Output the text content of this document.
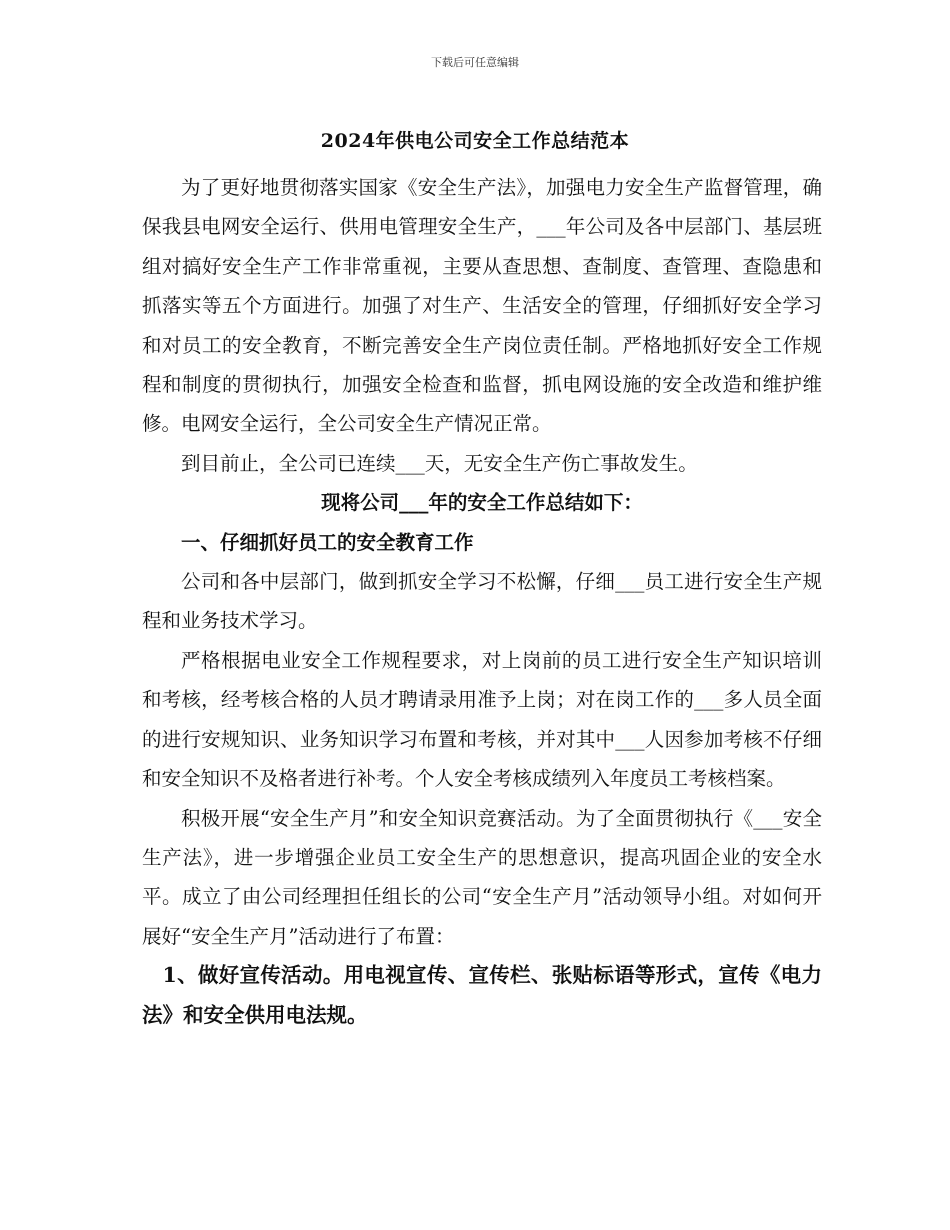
下载后可任意编辑
2024年供电公司安全工作总结范本

为了更好地贯彻落实国家《安全生产法》，加强电力安全生产监督管理，确保我县电网安全运行、供用电管理安全生产，___年公司及各中层部门、基层班组对搞好安全生产工作非常重视，主要从查思想、查制度、查管理、查隐患和抓落实等五个方面进行。加强了对生产、生活安全的管理，仔细抓好安全学习和对员工的安全教育，不断完善安全生产岗位责任制。严格地抓好安全工作规程和制度的贯彻执行，加强安全检查和监督，抓电网设施的安全改造和维护维修。电网安全运行，全公司安全生产情况正常。

到目前止，全公司已连续___天，无安全生产伤亡事故发生。

现将公司___年的安全工作总结如下：

一、仔细抓好员工的安全教育工作

公司和各中层部门，做到抓安全学习不松懈，仔细___员工进行安全生产规程和业务技术学习。

严格根据电业安全工作规程要求，对上岗前的员工进行安全生产知识培训和考核，经考核合格的人员才聘请录用准予上岗；对在岗工作的___多人员全面的进行安规知识、业务知识学习布置和考核，并对其中___人因参加考核不仔细和安全知识不及格者进行补考。个人安全考核成绩列入年度员工考核档案。

积极开展“安全生产月”和安全知识竞赛活动。为了全面贯彻执行《___安全生产法》，进一步增强企业员工安全生产的思想意识，提高巩固企业的安全水平。成立了由公司经理担任组长的公司“安全生产月”活动领导小组。对如何开展好“安全生产月”活动进行了布置：

1、做好宣传活动。用电视宣传、宣传栏、张贴标语等形式，宣传《电力法》和安全供用电法规。
